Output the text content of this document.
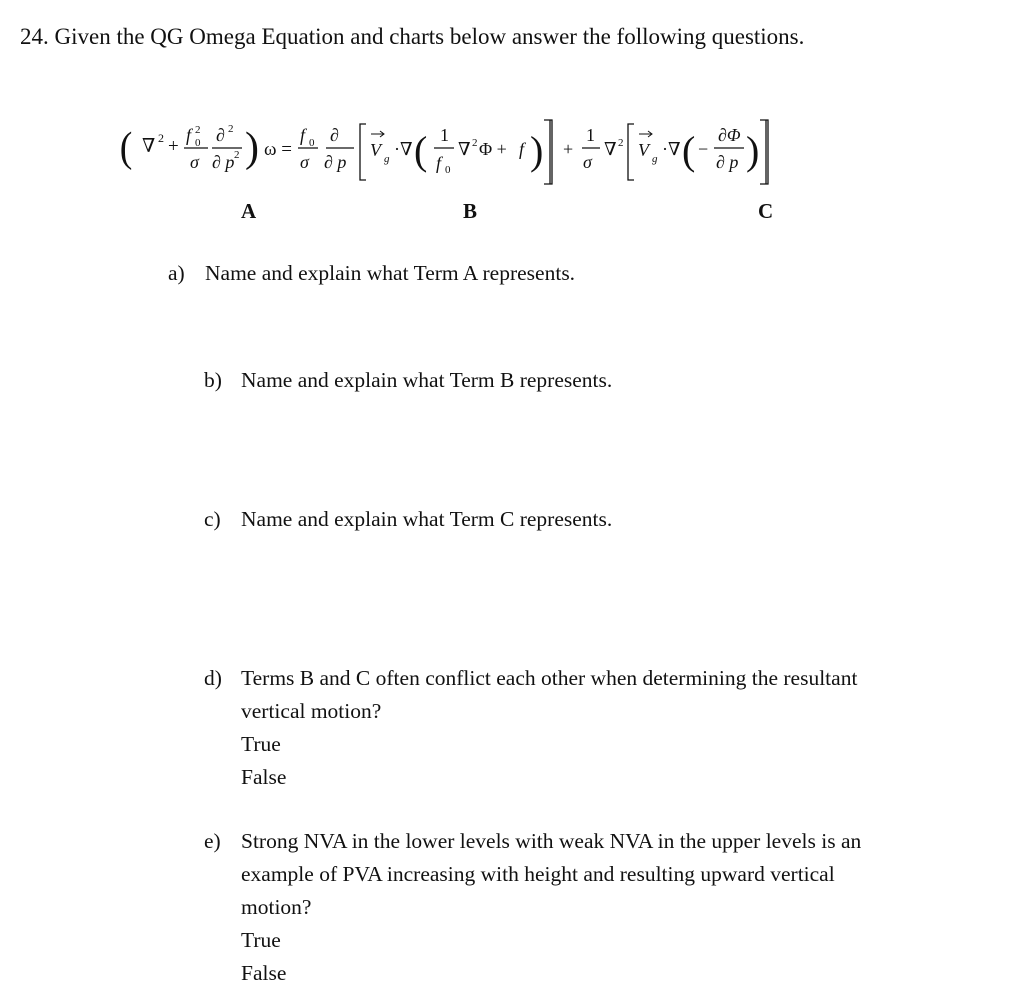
24. Given the QG Omega Equation and charts below answer the following questions.
( ∇ 2 +
f 0
2
σ
∂ 2
∂ p 2 ) ω =
f 0
σ
∂
∂ p
V g ·∇ ( 1
f 0
∇ 2 Φ + f ) +
1
σ
∇ 2 V g ·∇ ( −
∂Φ
∂ p )
A	B	C
a) Name and explain what Term A represents.
b) Name and explain what Term B represents.
c) Name and explain what Term C represents.
d) Terms B and C often conflict each other when determining the resultant
vertical motion?
True
False
e) Strong NVA in the lower levels with weak NVA in the upper levels is an
example of PVA increasing with height and resulting upward vertical
motion?
True
False
